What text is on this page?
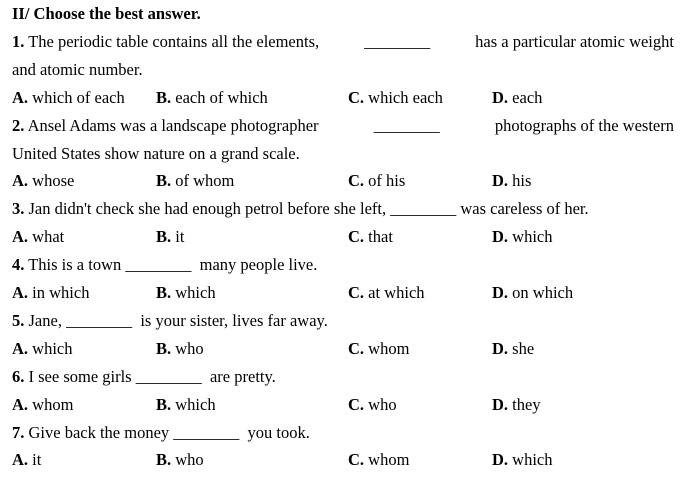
II/ Choose the best answer.
1. The periodic table contains all the elements,	________	has a particular atomic weight
and atomic number.
A. which of each B. each of which	C. which each	D. each
2. Ansel Adams was a landscape photographer	________	photographs of the western
United States show nature on a grand scale.
A. whose	B. of whom	C. of his	D. his
3. Jan didn't check she had enough petrol before she left, ________ was careless of her.
A. what	B. it	C. that	D. which
4. This is a town ________ many people live.
A. in which	B. which	C. at which	D. on which
5. Jane, ________ is your sister, lives far away.
A. which	B. who	C. whom	D. she
6. I see some girls ________ are pretty.
A. whom	B. which	C. who	D. they
7. Give back the money ________ you took.
A. it	B. who	C. whom	D. which
